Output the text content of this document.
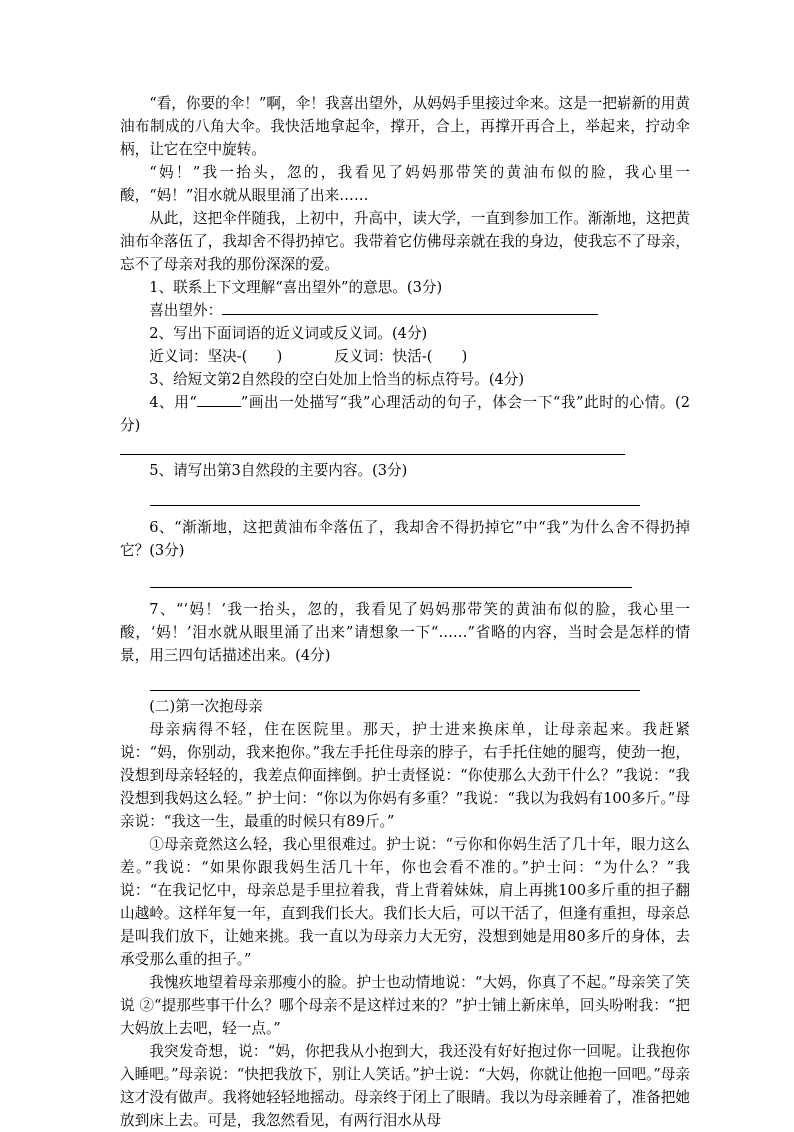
“看，你要的伞！”啊，伞！我喜出望外，从妈妈手里接过伞来。这是一把崭新的用黄油布制成的八角大伞。我快活地拿起伞，撑开，合上，再撑开再合上，举起来，拧动伞柄，让它在空中旋转。

“妈！”我一抬头，忽的，我看见了妈妈那带笑的黄油布似的脸，我心里一酸，“妈！”泪水就从眼里涌了出来……

从此，这把伞伴随我，上初中，升高中，读大学，一直到参加工作。渐渐地，这把黄油布伞落伍了，我却舍不得扔掉它。我带着它仿佛母亲就在我的身边，使我忘不了母亲，忘不了母亲对我的那份深深的爱。

1、联系上下文理解“喜出望外”的意思。(3分)

喜出望外：

2、写出下面词语的近义词或反义词。(4分)

近义词：坚决-(　　)	反义词：快活-(　　)

3、给短文第2自然段的空白处加上恰当的标点符号。(4分)

4、用“	”画出一处描写“我”心理活动的句子，体会一下“我”此时的心情。(2分)

5、请写出第3自然段的主要内容。(3分)

6、“渐渐地，这把黄油布伞落伍了，我却舍不得扔掉它”中“我”为什么舍不得扔掉它？(3分)

7、“‘妈！’我一抬头，忽的，我看见了妈妈那带笑的黄油布似的脸，我心里一酸，‘妈！’泪水就从眼里涌了出来”请想象一下“……”省略的内容，当时会是怎样的情景，用三四句话描述出来。(4分)

(二)第一次抱母亲

母亲病得不轻，住在医院里。那天，护士进来换床单，让母亲起来。我赶紧说：“妈，你别动，我来抱你。”我左手托住母亲的脖子，右手托住她的腿弯，使劲一抱，没想到母亲轻轻的，我差点仰面摔倒。护士责怪说：“你使那么大劲干什么？”我说：“我没想到我妈这么轻。” 护士问：“你以为你妈有多重？”我说：“我以为我妈有100多斤。”母亲说：“我这一生，最重的时候只有89斤。”

①母亲竟然这么轻，我心里很难过。护士说：“亏你和你妈生活了几十年，眼力这么差。”我说：“如果你跟我妈生活几十年，你也会看不准的。”护士问：“为什么？”我说：“在我记忆中，母亲总是手里拉着我，背上背着妹妹，肩上再挑100多斤重的担子翻山越岭。这样年复一年，直到我们长大。我们长大后，可以干活了，但逢有重担，母亲总是叫我们放下，让她来挑。我一直以为母亲力大无穷，没想到她是用80多斤的身体，去承受那么重的担子。”

我愧疚地望着母亲那瘦小的脸。护士也动情地说：“大妈，你真了不起。”母亲笑了笑说 ②“提那些事干什么？哪个母亲不是这样过来的？”护士铺上新床单，回头吩咐我：“把大妈放上去吧，轻一点。”

我突发奇想，说：“妈，你把我从小抱到大，我还没有好好抱过你一回呢。让我抱你入睡吧。”母亲说：“快把我放下，别让人笑话。”护士说：“大妈，你就让他抱一回吧。”母亲这才没有做声。我将她轻轻地摇动。母亲终于闭上了眼睛。我以为母亲睡着了，准备把她放到床上去。可是，我忽然看见，有两行泪水从母
